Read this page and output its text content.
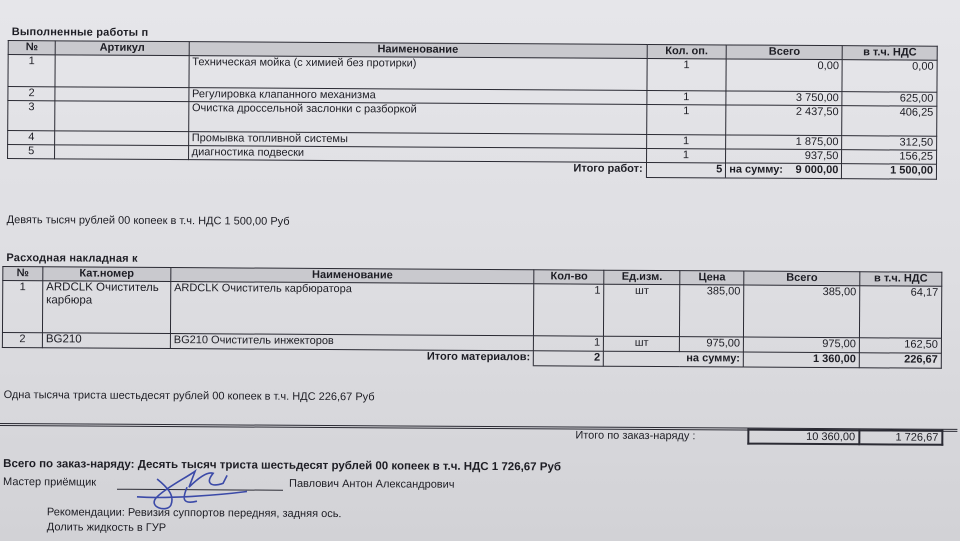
Выполненные работы п
№	Артикул	Наименование	Кол. оп.	Всего	в т.ч. НДС
1		Техническая мойка (с химией без протирки)	1	0,00	0,00
2		Регулировка клапанного механизма	1	3 750,00	625,00
3		Очистка дросcельной заслонки с разборкой	1	2 437,50	406,25
4		Промывка топливной системы	1	1 875,00	312,50
5		диагностика подвески	1	937,50	156,25
		Итого работ:	5	на сумму: 9 000,00	1 500,00
Девять тысяч рублей 00 копеек в т.ч. НДС 1 500,00 Руб
Расходная накладная к
№	Кат.номер	Наименование	Кол-во	Ед.изм.	Цена	Всего	в т.ч. НДС
1	ARDCLK Очиститель карбюра	ARDCLK Очиститель карбюратора	1	шт	385,00	385,00	64,17
2	BG210	BG210 Очиститель инжекторов	1	шт	975,00	975,00	162,50
		Итого материалов:	2	на сумму:		1 360,00	226,67
Одна тысяча триста шестьдесят рублей 00 копеек в т.ч. НДС 226,67 Руб
Итого по заказ-наряду :	10 360,00	1 726,67
Всего по заказ-наряду: Десять тысяч триста шестьдесят рублей 00 копеек в т.ч. НДС 1 726,67 Руб
Мастер приёмщик	Павлович Антон Александрович
Рекомендации: Ревизия суппортов передняя, задняя ось.
Долить жидкость в ГУР
